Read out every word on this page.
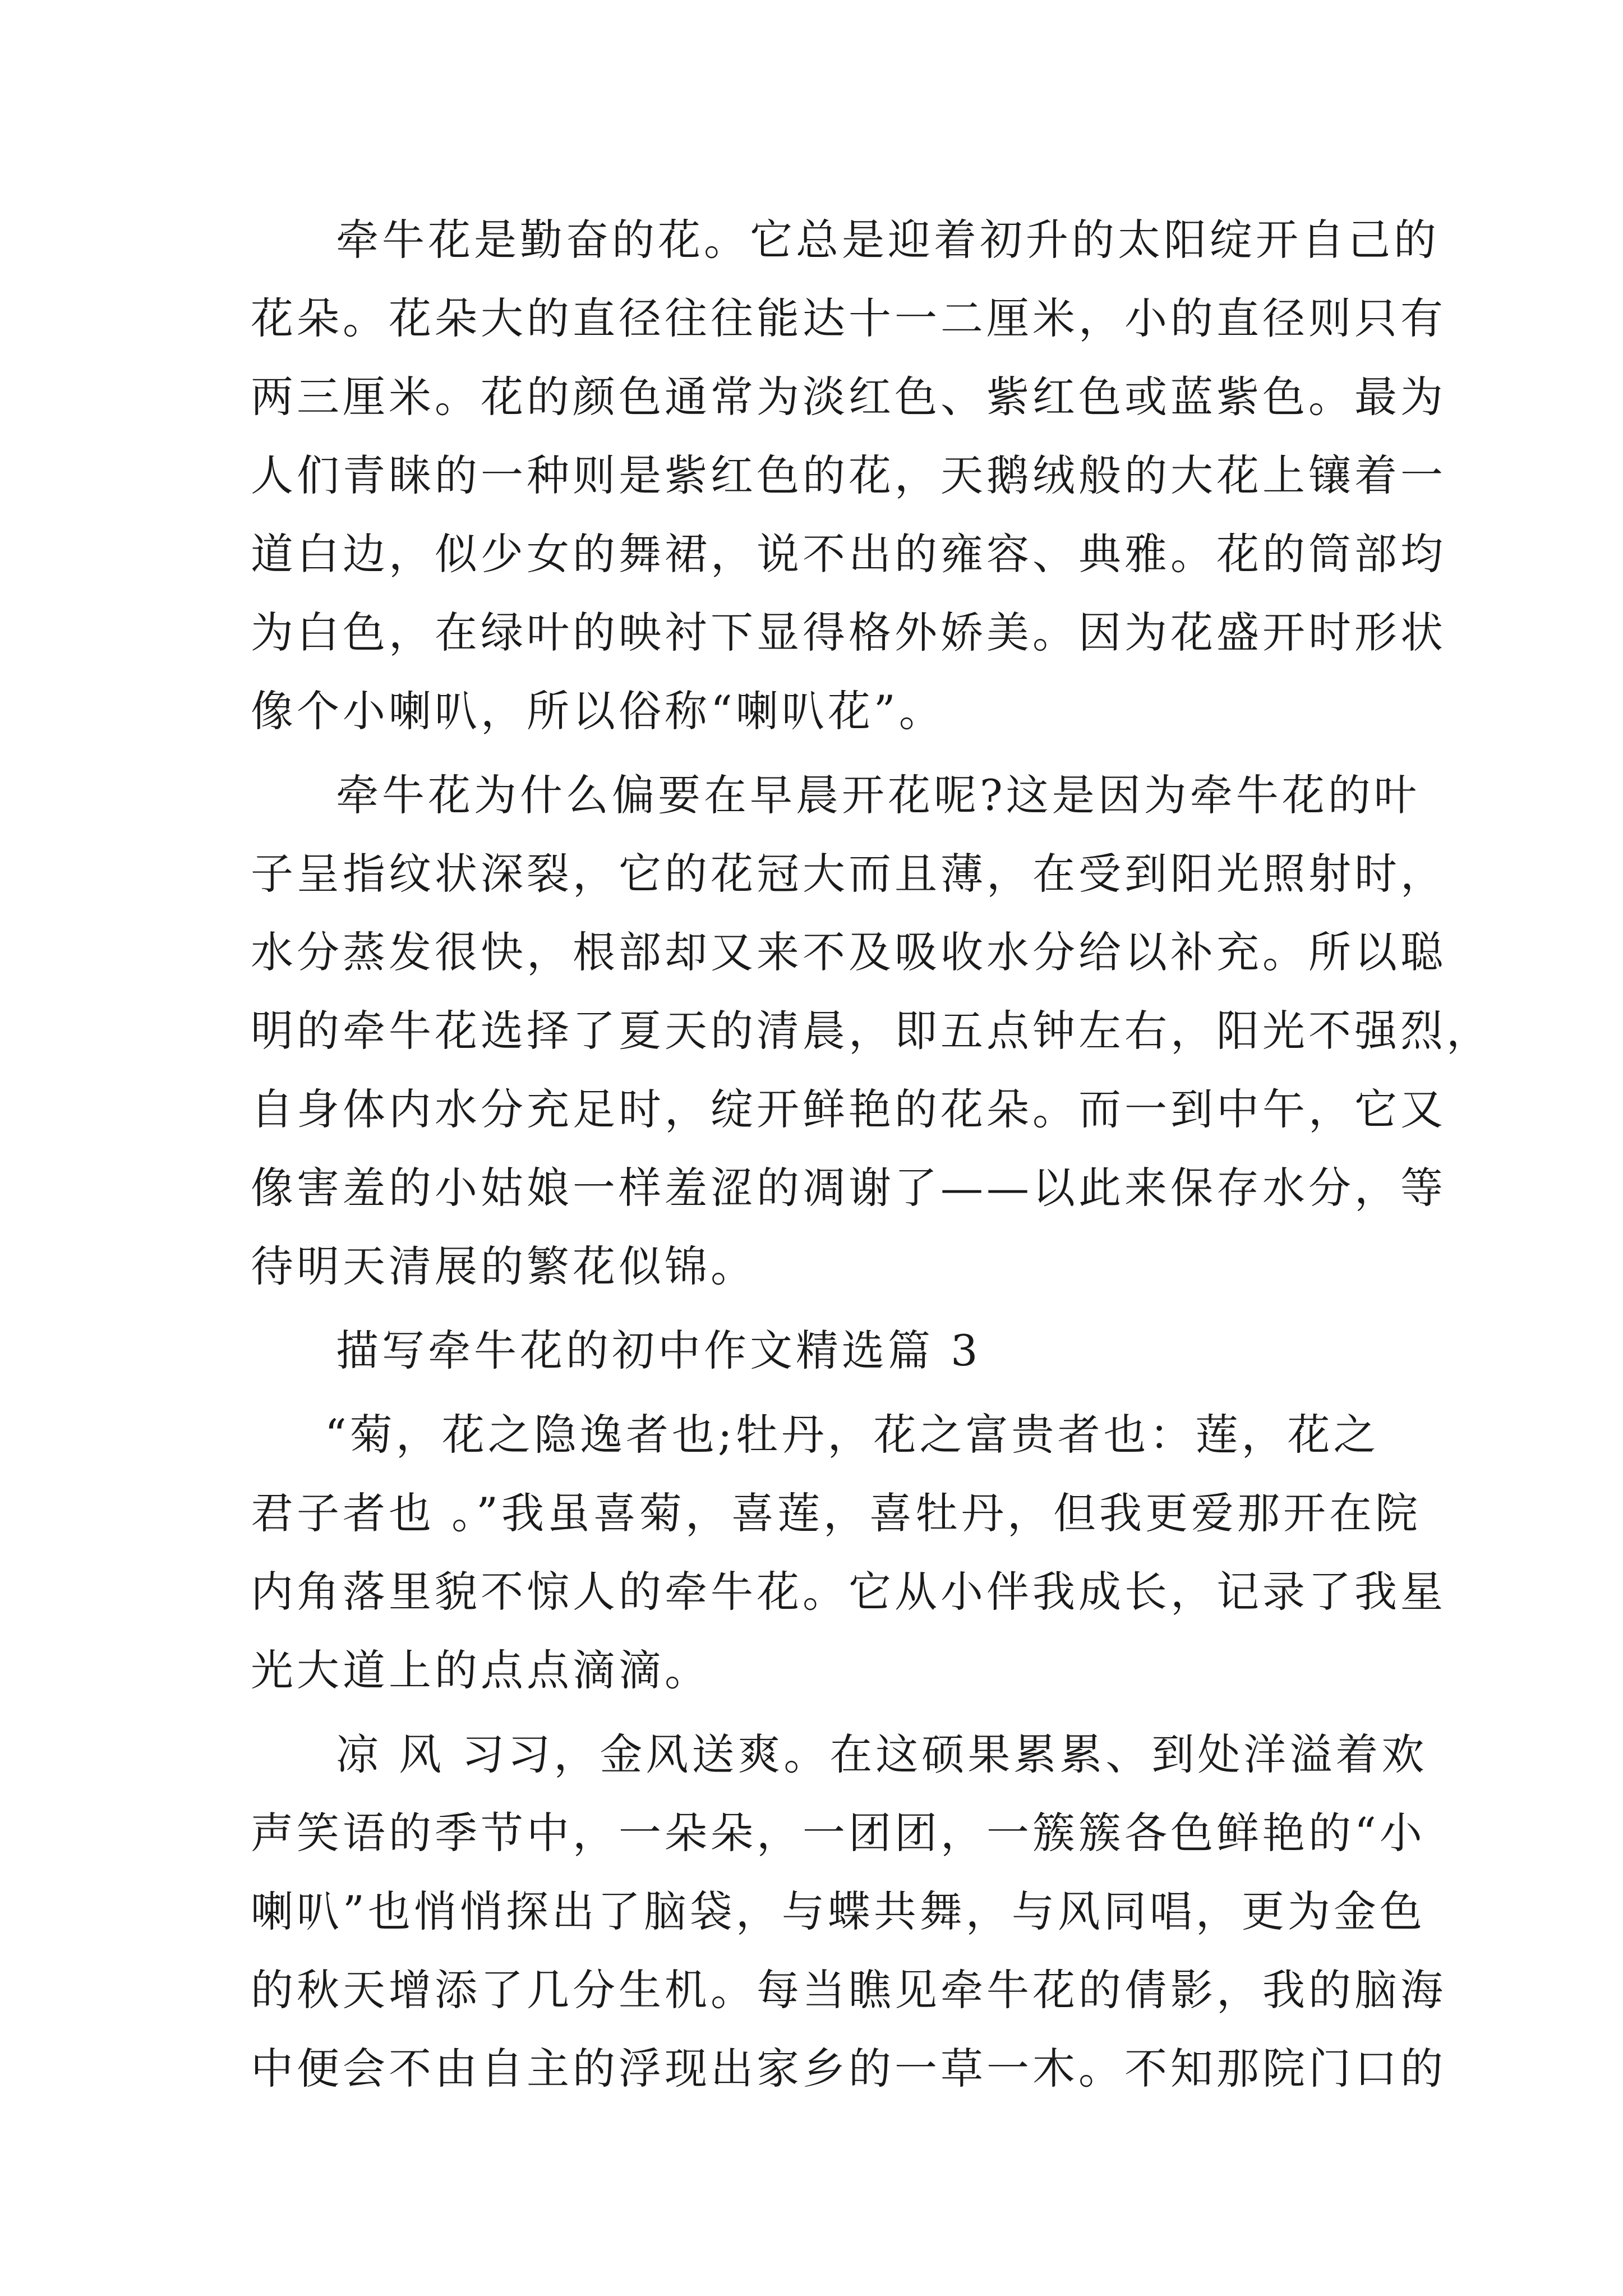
牵牛花是勤奋的花。它总是迎着初升的太阳绽开自己的
花朵。花朵大的直径往往能达十一二厘米，小的直径则只有
两三厘米。花的颜色通常为淡红色、紫红色或蓝紫色。最为
人们青睐的一种则是紫红色的花，天鹅绒般的大花上镶着一
道白边，似少女的舞裙，说不出的雍容、典雅。花的筒部均
为白色，在绿叶的映衬下显得格外娇美。因为花盛开时形状
像个小喇叭，所以俗称“喇叭花”。
牵牛花为什么偏要在早晨开花呢?这是因为牵牛花的叶
子呈指纹状深裂，它的花冠大而且薄，在受到阳光照射时，
水分蒸发很快，根部却又来不及吸收水分给以补充。所以聪
明的牵牛花选择了夏天的清晨，即五点钟左右，阳光不强烈，
自身体内水分充足时，绽开鲜艳的花朵。而一到中午，它又
像害羞的小姑娘一样羞涩的凋谢了——以此来保存水分，等
待明天清展的繁花似锦。
描写牵牛花的初中作文精选篇 3
“菊，花之隐逸者也;牡丹，花之富贵者也：莲，花之
君子者也 。”我虽喜菊，喜莲，喜牡丹，但我更爱那开在院
内角落里貌不惊人的牵牛花。它从小伴我成长，记录了我星
光大道上的点点滴滴。
凉 风 习习，金风送爽。在这硕果累累、到处洋溢着欢
声笑语的季节中，一朵朵，一团团，一簇簇各色鲜艳的“小
喇叭”也悄悄探出了脑袋，与蝶共舞，与风同唱，更为金色
的秋天增添了几分生机。每当瞧见牵牛花的倩影，我的脑海
中便会不由自主的浮现出家乡的一草一木。不知那院门口的
